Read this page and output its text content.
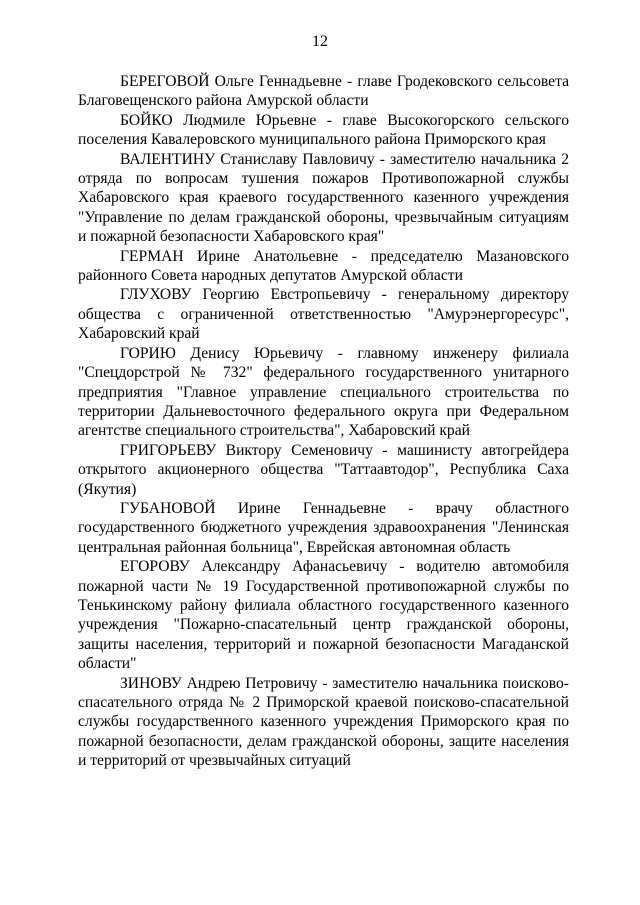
12

БЕРЕГОВОЙ Ольге Геннадьевне - главе Гродековского сельсовета Благовещенского района Амурской области

БОЙКО Людмиле Юрьевне - главе Высокогорского сельского поселения Кавалеровского муниципального района Приморского края

ВАЛЕНТИНУ Станиславу Павловичу - заместителю начальника 2 отряда по вопросам тушения пожаров Противопожарной службы Хабаровского края краевого государственного казенного учреждения "Управление по делам гражданской обороны, чрезвычайным ситуациям и пожарной безопасности Хабаровского края"

ГЕРМАН Ирине Анатольевне - председателю Мазановского районного Совета народных депутатов Амурской области

ГЛУХОВУ Георгию Евстропьевичу - генеральному директору общества с ограниченной ответственностью "Амурэнергоресурс", Хабаровский край

ГОРИЮ Денису Юрьевичу - главному инженеру филиала "Спецдорстрой № 732" федерального государственного унитарного предприятия "Главное управление специального строительства по территории Дальневосточного федерального округа при Федеральном агентстве специального строительства", Хабаровский край

ГРИГОРЬЕВУ Виктору Семеновичу - машинисту автогрейдера открытого акционерного общества "Таттаавтодор", Республика Саха (Якутия)

ГУБАНОВОЙ Ирине Геннадьевне - врачу областного государственного бюджетного учреждения здравоохранения "Ленинская центральная районная больница", Еврейская автономная область

ЕГОРОВУ Александру Афанасьевичу - водителю автомобиля пожарной части № 19 Государственной противопожарной службы по Тенькинскому району филиала областного государственного казенного учреждения "Пожарно-спасательный центр гражданской обороны, защиты населения, территорий и пожарной безопасности Магаданской области"

ЗИНОВУ Андрею Петровичу - заместителю начальника поисково-спасательного отряда № 2 Приморской краевой поисково-спасательной службы государственного казенного учреждения Приморского края по пожарной безопасности, делам гражданской обороны, защите населения и территорий от чрезвычайных ситуаций
